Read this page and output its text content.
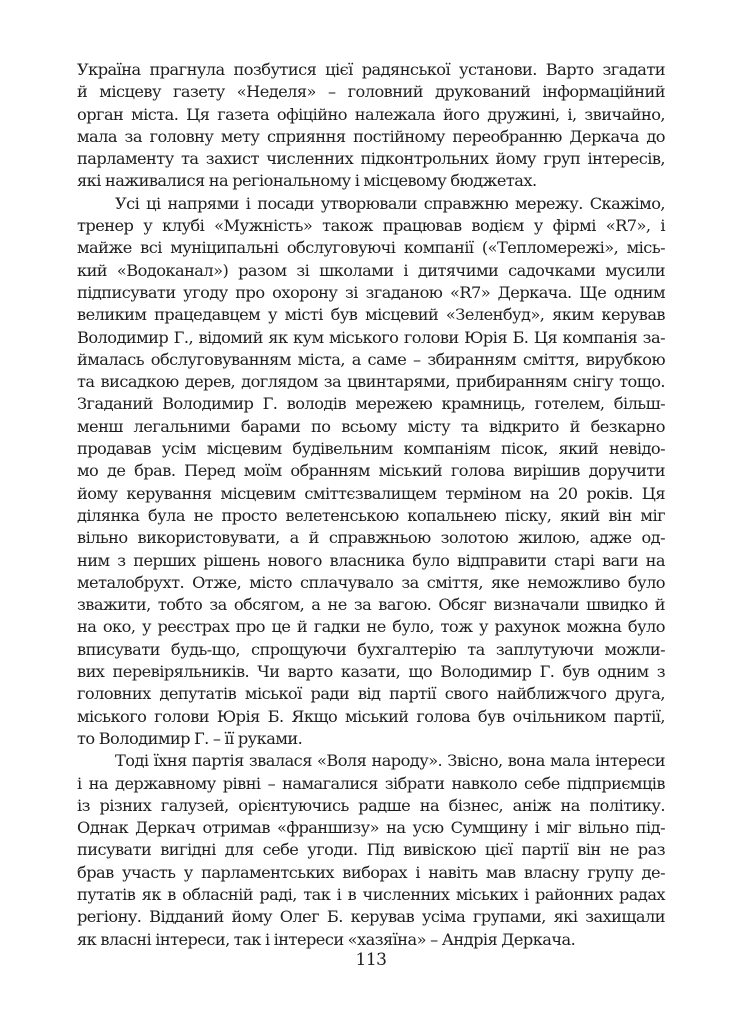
Україна прагнула позбутися цієї радянської установи. Варто згадати
й місцеву газету «Неделя» – головний друкований інформаційний
орган міста. Ця газета офіційно належала його дружині, і, звичайно,
мала за головну мету сприяння постійному переобранню Деркача до
парламенту та захист численних підконтрольних йому груп інтересів,
які наживалися на регіональному і місцевому бюджетах.
Усі ці напрями і посади утворювали справжню мережу. Скажімо,
тренер у клубі «Мужність» також працював водієм у фірмі «R7», і
майже всі муніципальні обслуговуючі компанії («Тепломережі», місь-
кий «Водоканал») разом зі школами і дитячими садочками мусили
підписувати угоду про охорону зі згаданою «R7» Деркача. Ще одним
великим працедавцем у місті був місцевий «Зеленбуд», яким керував
Володимир Г., відомий як кум міського голови Юрія Б. Ця компанія за-
ймалась обслуговуванням міста, а саме – збиранням сміття, вирубкою
та висадкою дерев, доглядом за цвинтарями, прибиранням снігу тощо.
Згаданий Володимир Г. володів мережею крамниць, готелем, більш-
менш легальними барами по всьому місту та відкрито й безкарно
продавав усім місцевим будівельним компаніям пісок, який невідо-
мо де брав. Перед моїм обранням міський голова вирішив доручити
йому керування місцевим сміттєзвалищем терміном на 20 років. Ця
ділянка була не просто велетенською копальнею піску, який він міг
вільно використовувати, а й справжньою золотою жилою, адже од-
ним з перших рішень нового власника було відправити старі ваги на
металобрухт. Отже, місто сплачувало за сміття, яке неможливо було
зважити, тобто за обсягом, а не за вагою. Обсяг визначали швидко й
на око, у реєстрах про це й гадки не було, тож у рахунок можна було
вписувати будь-що, спрощуючи бухгалтерію та заплутуючи можли-
вих перевіряльників. Чи варто казати, що Володимир Г. був одним з
головних депутатів міської ради від партії свого найближчого друга,
міського голови Юрія Б. Якщо міський голова був очільником партії,
то Володимир Г. – її руками.
Тоді їхня партія звалася «Воля народу». Звісно, вона мала інтереси
і на державному рівні – намагалися зібрати навколо себе підприємців
із різних галузей, орієнтуючись радше на бізнес, аніж на політику.
Однак Деркач отримав «франшизу» на усю Сумщину і міг вільно під-
писувати вигідні для себе угоди. Під вивіскою цієї партії він не раз
брав участь у парламентських виборах і навіть мав власну групу де-
путатів як в обласній раді, так і в численних міських і районних радах
регіону. Відданий йому Олег Б. керував усіма групами, які захищали
як власні інтереси, так і інтереси «хазяїна» – Андрія Деркача.
113
